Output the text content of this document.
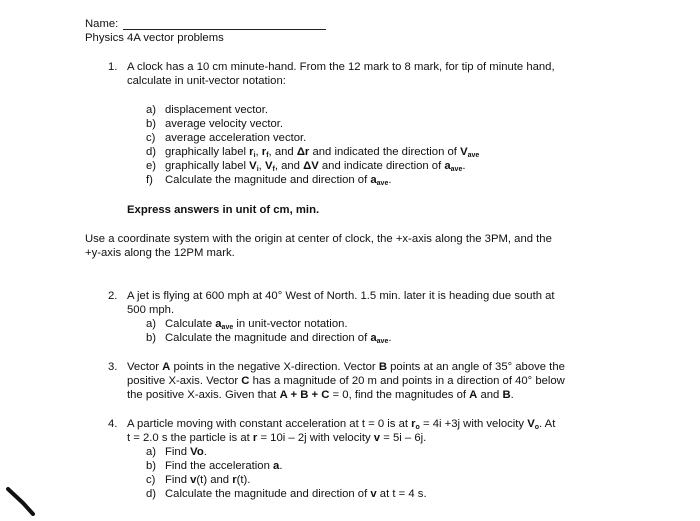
Name:
Physics 4A vector problems
1. A clock has a 10 cm minute-hand. From the 12 mark to 8 mark, for tip of minute hand,
calculate in unit-vector notation:
a) displacement vector.
b) average velocity vector.
c) average acceleration vector.
d) graphically label $r_i$, $r_f$, and Δr and indicated the direction of $V_{ave}$
e) graphically label $V_i$, $V_f$, and ΔV and indicate direction of $a_{ave}$.
f) Calculate the magnitude and direction of $a_{ave}$.
Express answers in unit of cm, min.
Use a coordinate system with the origin at center of clock, the +x-axis along the 3PM, and the
+y-axis along the 12PM mark.
2. A jet is flying at 600 mph at 40° West of North. 1.5 min. later it is heading due south at
500 mph.
a) Calculate $a_{ave}$ in unit-vector notation.
b) Calculate the magnitude and direction of $a_{ave}$.
3. Vector A points in the negative X-direction. Vector B points at an angle of 35° above the
positive X-axis. Vector C has a magnitude of 20 m and points in a direction of 40° below
the positive X-axis. Given that A + B + C = 0, find the magnitudes of A and B.
4. A particle moving with constant acceleration at t = 0 is at $r_o = 4i +3j$ with velocity $V_o$. At
t = 2.0 s the particle is at r = 10i – 2j with velocity v = 5i – 6j.
a) Find Vo.
b) Find the acceleration a.
c) Find v(t) and r(t).
d) Calculate the magnitude and direction of v at t = 4 s.
